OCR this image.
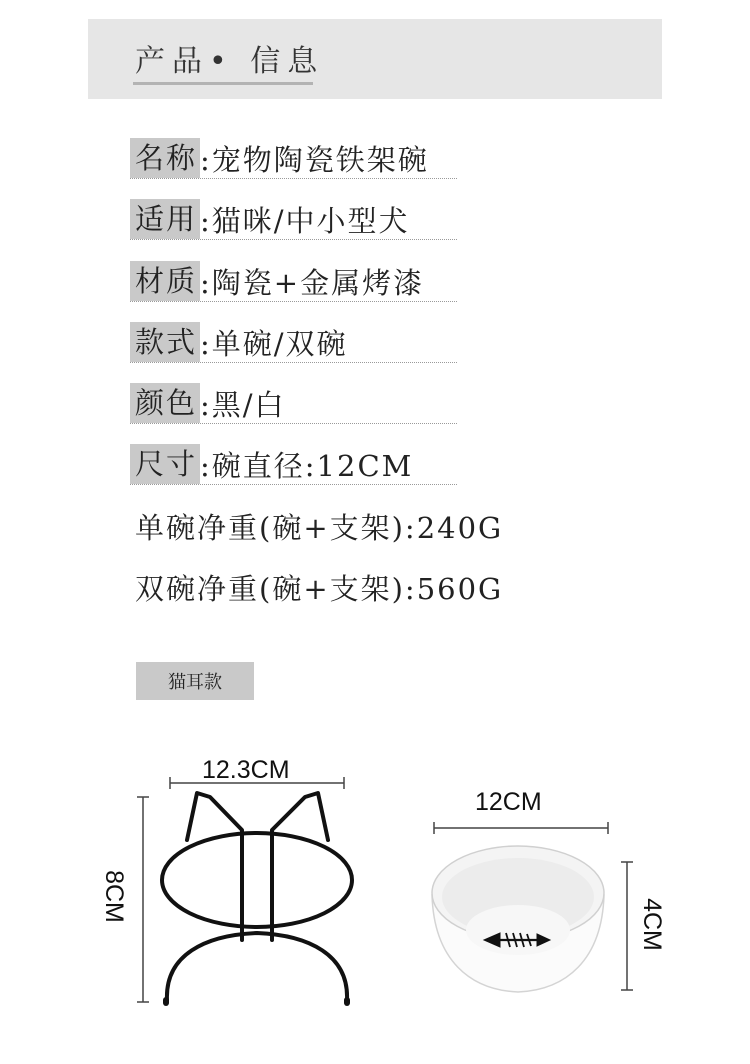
产品• 信息
名称 :宠物陶瓷铁架碗
适用 :猫咪/中小型犬
材质 :陶瓷+金属烤漆
款式 :单碗/双碗
颜色 :黑/白
尺寸 :碗直径:12CM
单碗净重(碗+支架):240G
双碗净重(碗+支架):560G
猫耳款
12.3CM
8CM
12CM
4CM
